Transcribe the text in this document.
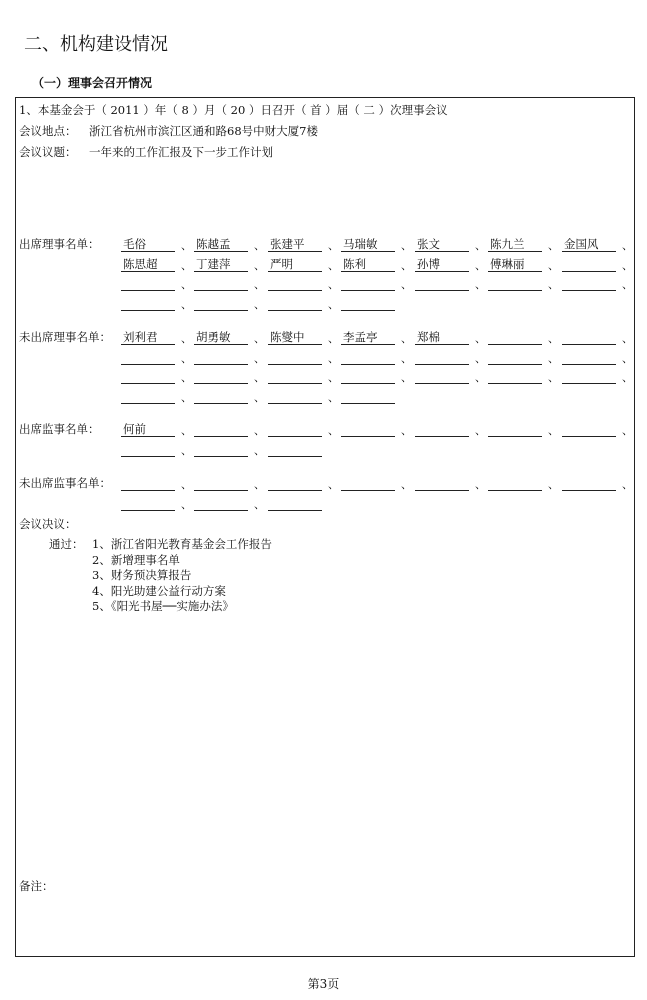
二、机构建设情况
（一）理事会召开情况
1、本基金会于（ 2011 ）年（ 8 ）月（ 20 ）日召开（ 首 ）届（ 二 ）次理事会议
会议地点： 浙江省杭州市滨江区通和路68号中财大厦7楼
会议议题： 一年来的工作汇报及下一步工作计划
出席理事名单： 毛俗	、 陈越孟	、 张建平	、 马瑞敏	、 张文	、 陈九兰	、 金国风	、
陈思超	、 丁建萍	、 严明	、 陈利	、 孙博	、 傅琳丽	、	、
、	、	、	、	、	、	、
、	、	、
未出席理事名单： 刘利君	、 胡勇敏	、 陈燮中	、 李孟亭	、 郑棉	、	、	、
、	、	、	、	、	、	、
、	、	、	、	、	、	、
、	、	、
出席监事名单： 何前	、	、	、	、	、	、	、
、	、
未出席监事名单：	、	、	、	、	、	、	、
、	、
会议决议：
通过： 1、浙江省阳光教育基金会工作报告
2、新增理事名单
3、财务预决算报告
4、阳光助建公益行动方案
5、《阳光书屋──实施办法》
备注：
第3页
